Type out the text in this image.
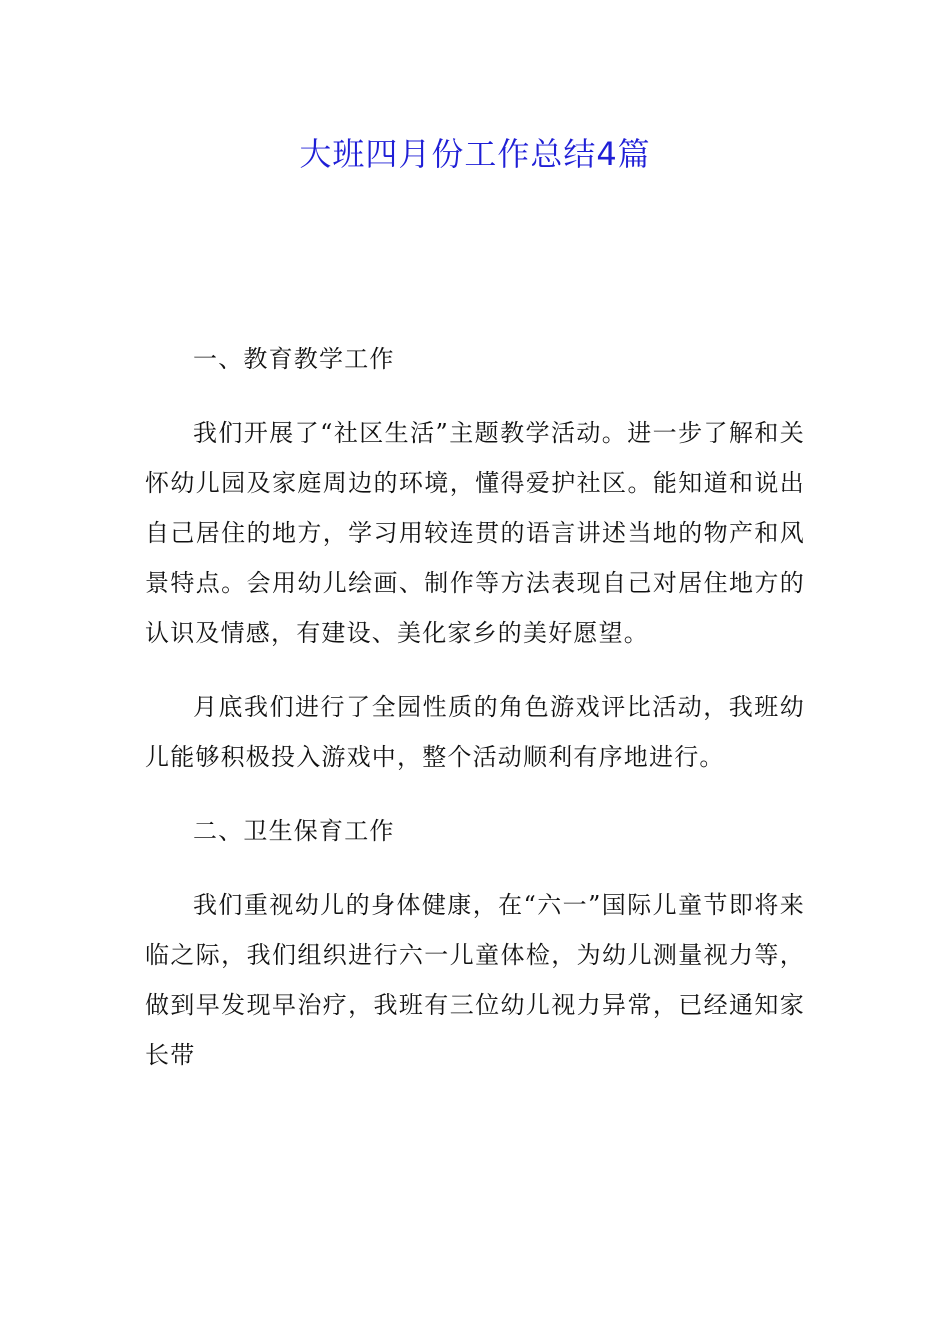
大班四月份工作总结4篇

一、教育教学工作

我们开展了“社区生活”主题教学活动。进一步了解和关怀幼儿园及家庭周边的环境，懂得爱护社区。能知道和说出自己居住的地方，学习用较连贯的语言讲述当地的物产和风景特点。会用幼儿绘画、制作等方法表现自己对居住地方的认识及情感，有建设、美化家乡的美好愿望。

月底我们进行了全园性质的角色游戏评比活动，我班幼儿能够积极投入游戏中，整个活动顺利有序地进行。

二、卫生保育工作

我们重视幼儿的身体健康，在“六一”国际儿童节即将来临之际，我们组织进行六一儿童体检，为幼儿测量视力等，做到早发现早治疗，我班有三位幼儿视力异常，已经通知家长带
